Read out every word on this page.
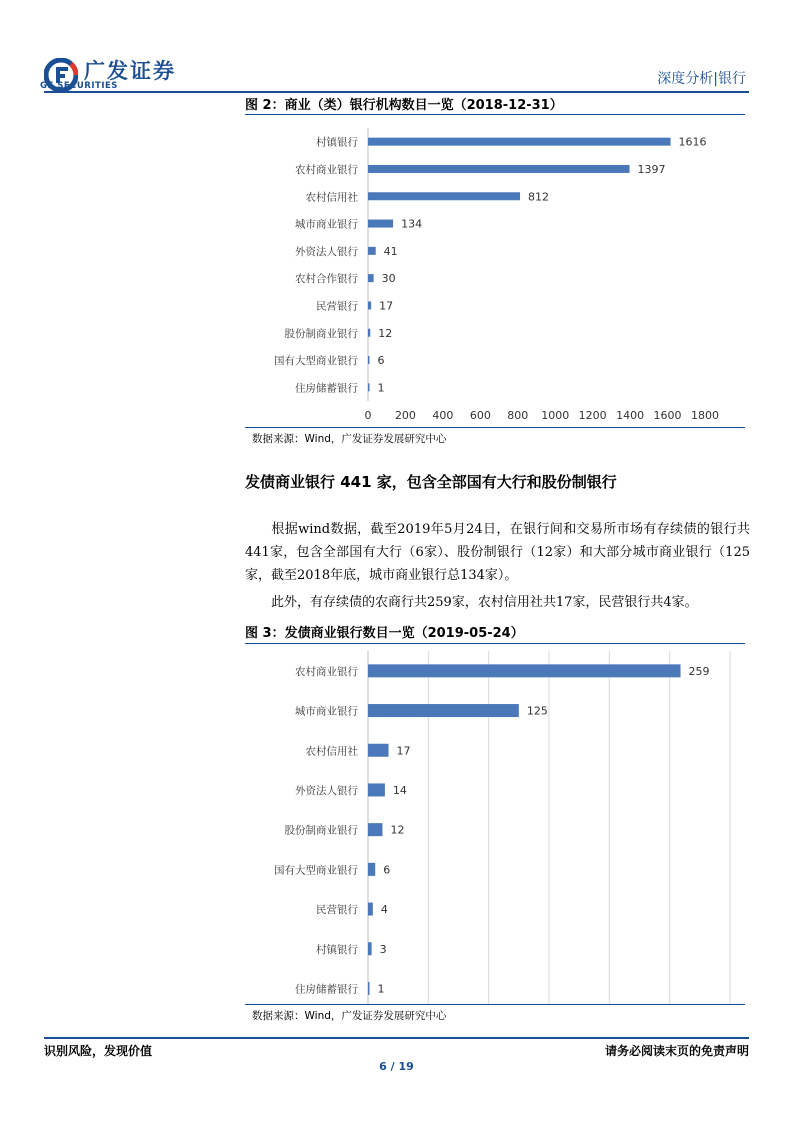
广发证券
GF SECURITIES	深度分析|银行
图 2：商业（类）银行机构数目一览（2018-12-31）
村镇银行	1616
农村商业银行	1397
农村信用社	812
城市商业银行	134
外资法人银行 41
农村合作银行 30
民营银行 17
股份制商业银行 12
国有大型商业银行 6
住房储蓄银行 1
0 200 400 600 800 1000 1200 1400 1600 1800
数据来源：Wind，广发证券发展研究中心
发债商业银行 441 家，包含全部国有大行和股份制银行
根据wind数据，截至2019年5月24日，在银行间和交易所市场有存续债的银行共441家，包含全部国有大行（6家）、股份制银行（12家）和大部分城市商业银行（125家，截至2018年底，城市商业银行总134家）。
此外，有存续债的农商行共259家，农村信用社共17家，民营银行共4家。
图 3：发债商业银行数目一览（2019-05-24）
农村商业银行	259
城市商业银行	125
农村信用社	17
外资法人银行	14
股份制商业银行	12
国有大型商业银行 6
民营银行 4
村镇银行 3
住房储蓄银行 1
数据来源：Wind，广发证券发展研究中心
识别风险，发现价值	请务必阅读末页的免责声明
6 / 19
